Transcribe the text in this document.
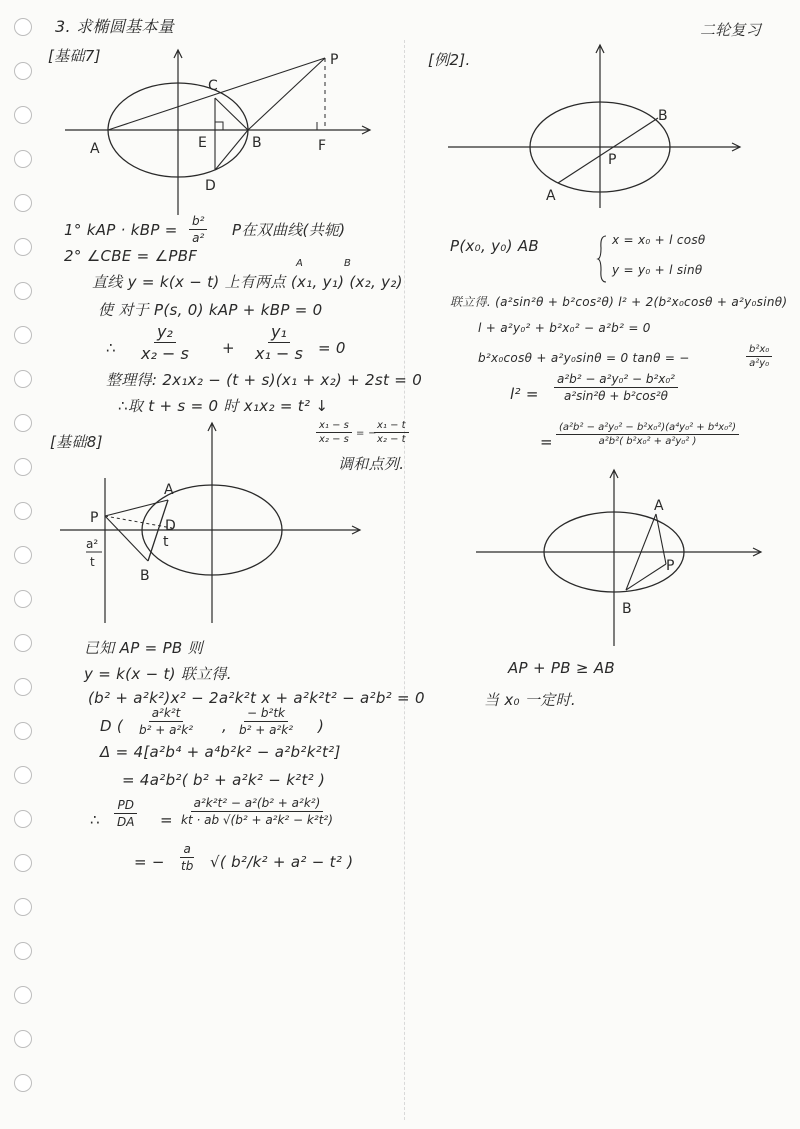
3. 求椭圆基本量	二轮复习
[基础7]
A	B
C
D
E	F
P
1° kAP · kBP = $\frac{\text{b²}}{\text{a²}}$ P在双曲线(共轭)
2° ∠CBE = ∠PBF	A	B
直线 y = k(x − t) 上有两点 (x₁, y₁) (x₂, y₂)
使 对于 P(s, 0) kAP + kBP = 0
∴ $\frac{\text{y₂}}{\text{x₂ − s}} + \frac{\text{y₁}}{\text{x₁ − s}} = 0$
整理得: 2x₁x₂ − (t + s)(x₁ + x₂) + 2st = 0
∴取 t + s = 0 时 x₁x₂ = t² ↓
$\frac{\text{x₁ − s}}{\text{x₂ − s}}$ = −
$\frac{\text{x₁ − t}}{\text{x₂ − t}}$
调和点列.
[基础8]
P
A
B
D
t
a²
t
已知 AP = PB 则
y = k(x − t) 联立得.
(b² + a²k²)x² − 2a²k²t x + a²k²t² − a²b² = 0
D ( $\frac{\text{a²k²t}}{\text{b² + a²k²}}$ , $\frac{\text{− b²tk}}{\text{b² + a²k²}}$ )
Δ = 4[a²b⁴ + a⁴b²k² − a²b²k²t²]
= 4a²b²( b² + a²k² − k²t² )
∴ $\frac{PD}{DA} = \frac{\text{a²k²t² − a²(b² + a²k²)}}{\text{kt · ab √(b² + a²k² − k²t²)}}$
= − $\frac{a}{tb}$ √( b²/k² + a² − t² )
[例2].
A
B
P
P(x₀, y₀) AB	x = x₀ + l cosθ
y = y₀ + l sinθ
联立得. (a²sin²θ + b²cos²θ) l² + 2(b²x₀cosθ + a²y₀sinθ)
l + a²y₀² + b²x₀² − a²b² = 0
b²x₀cosθ + a²y₀sinθ = 0 tanθ = −	$\frac{\text{b²x₀}}{\text{a²y₀}}$
$l^2 = \frac{\text{a²b² − a²y₀² − b²x₀²}}{\text{a²sin²θ + b²cos²θ}}$
= $\frac{\text{(a²b² − a²y₀² − b²x₀²)(a⁴y₀² + b⁴x₀²)}}{\text{a²b²( b²x₀² + a²y₀² )}}$
A
B
P
AP + PB ≥ AB
当 x₀ 一定时.
